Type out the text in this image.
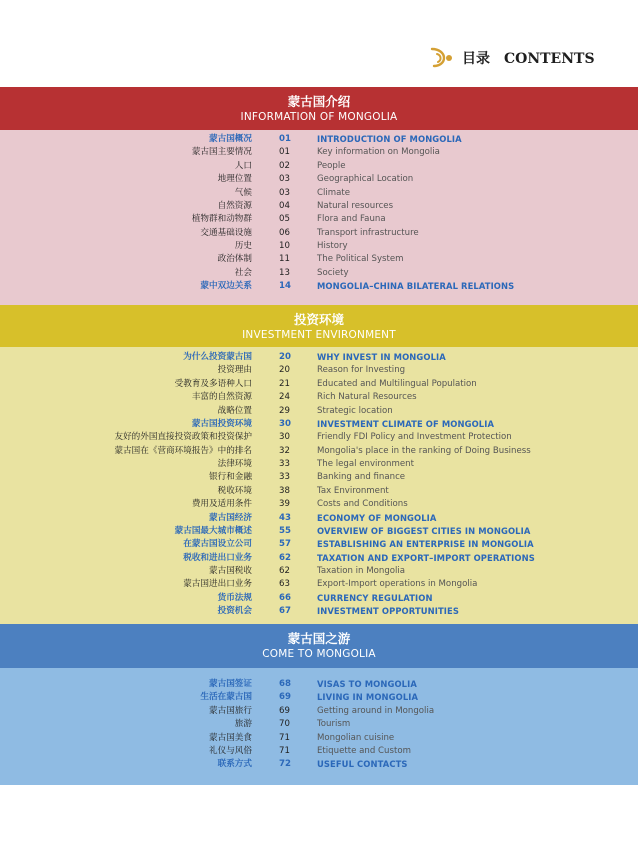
目录　CONTENTS
蒙古国介绍
INFORMATION OF MONGOLIA
蒙古国概况	01	INTRODUCTION OF MONGOLIA
蒙古国主要情况	01	Key information on Mongolia
人口	02	People
地理位置	03	Geographical Location
气候	03	Climate
自然资源	04	Natural resources
植物群和动物群	05	Flora and Fauna
交通基础设施	06	Transport infrastructure
历史	10	History
政治体制	11	The Political System
社会	13	Society
蒙中双边关系	14	MONGOLIA–CHINA BILATERAL RELATIONS
投资环境
INVESTMENT ENVIRONMENT
为什么投资蒙古国	20	WHY INVEST IN MONGOLIA
投资理由	20	Reason for Investing
受教育及多语种人口	21	Educated and Multilingual Population
丰富的自然资源	24	Rich Natural Resources
战略位置	29	Strategic location
蒙古国投资环境	30	INVESTMENT CLIMATE OF MONGOLIA
友好的外国直接投资政策和投资保护	30	Friendly FDI Policy and Investment Protection
蒙古国在《营商环境报告》中的排名	32	Mongolia's place in the ranking of Doing Business
法律环境	33	The legal environment
银行和金融	33	Banking and finance
税收环境	38	Tax Environment
费用及适用条件	39	Costs and Conditions
蒙古国经济	43	ECONOMY OF MONGOLIA
蒙古国最大城市概述	55	OVERVIEW OF BIGGEST CITIES IN MONGOLIA
在蒙古国设立公司	57	ESTABLISHING AN ENTERPRISE IN MONGOLIA
税收和进出口业务	62	TAXATION AND EXPORT–IMPORT OPERATIONS
蒙古国税收	62	Taxation in Mongolia
蒙古国进出口业务	63	Export-Import operations in Mongolia
货币法规	66	CURRENCY REGULATION
投资机会	67	INVESTMENT OPPORTUNITIES
蒙古国之游
COME TO MONGOLIA
蒙古国签证	68	VISAS TO MONGOLIA
生活在蒙古国	69	LIVING IN MONGOLIA
蒙古国旅行	69	Getting around in Mongolia
旅游	70	Tourism
蒙古国美食	71	Mongolian cuisine
礼仪与风俗	71	Etiquette and Custom
联系方式	72	USEFUL CONTACTS
